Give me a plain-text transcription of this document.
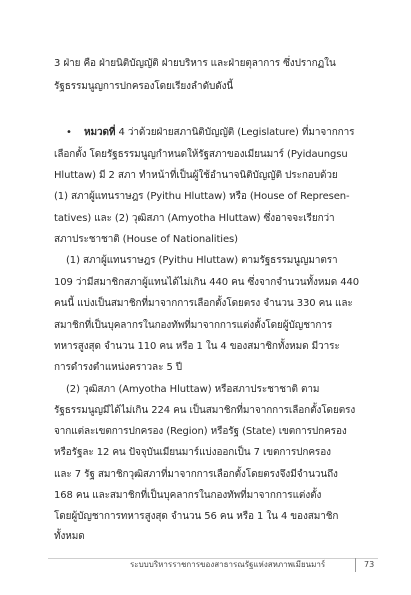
3 ฝ่าย คือ ฝ่ายนิติบัญญัติ ฝ่ายบริหาร และฝ่ายตุลาการ ซึ่งปรากฏใน
รัฐธรรมนูญการปกครองโดยเรียงลำดับดังนี้
• หมวดที่ 4 ว่าด้วยฝ่ายสภานิติบัญญัติ (Legislature) ที่มาจากการ
เลือกตั้ง โดยรัฐธรรมนูญกำหนดให้รัฐสภาของเมียนมาร์ (Pyidaungsu
Hluttaw) มี 2 สภา ทำหน้าที่เป็นผู้ใช้อำนาจนิติบัญญัติ ประกอบด้วย
(1) สภาผู้แทนราษฎร (Pyithu Hluttaw) หรือ (House of Represen-
tatives) และ (2) วุฒิสภา (Amyotha Hluttaw) ซึ่งอาจจะเรียกว่า
สภาประชาชาติ (House of Nationalities)
(1) สภาผู้แทนราษฎร (Pyithu Hluttaw) ตามรัฐธรรมนูญมาตรา
109 ว่ามีสมาชิกสภาผู้แทนได้ไม่เกิน 440 คน ซึ่งจากจำนวนทั้งหมด 440
คนนี้ แบ่งเป็นสมาชิกที่มาจากการเลือกตั้งโดยตรง จำนวน 330 คน และ
สมาชิกที่เป็นบุคลากรในกองทัพที่มาจากการแต่งตั้งโดยผู้บัญชาการ
ทหารสูงสุด จำนวน 110 คน หรือ 1 ใน 4 ของสมาชิกทั้งหมด มีวาระ
การดำรงตำแหน่งคราวละ 5 ปี
(2) วุฒิสภา (Amyotha Hluttaw) หรือสภาประชาชาติ ตาม
รัฐธรรมนูญมีได้ไม่เกิน 224 คน เป็นสมาชิกที่มาจากการเลือกตั้งโดยตรง
จากแต่ละเขตการปกครอง (Region) หรือรัฐ (State) เขตการปกครอง
หรือรัฐละ 12 คน ปัจจุบันเมียนมาร์แบ่งออกเป็น 7 เขตการปกครอง
และ 7 รัฐ สมาชิกวุฒิสภาที่มาจากการเลือกตั้งโดยตรงจึงมีจำนวนถึง
168 คน และสมาชิกที่เป็นบุคลากรในกองทัพที่มาจากการแต่งตั้ง
โดยผู้บัญชาการทหารสูงสุด จำนวน 56 คน หรือ 1 ใน 4 ของสมาชิก
ทั้งหมด
ระบบบริหารราชการของสาธารณรัฐแห่งสหภาพเมียนมาร์	73
